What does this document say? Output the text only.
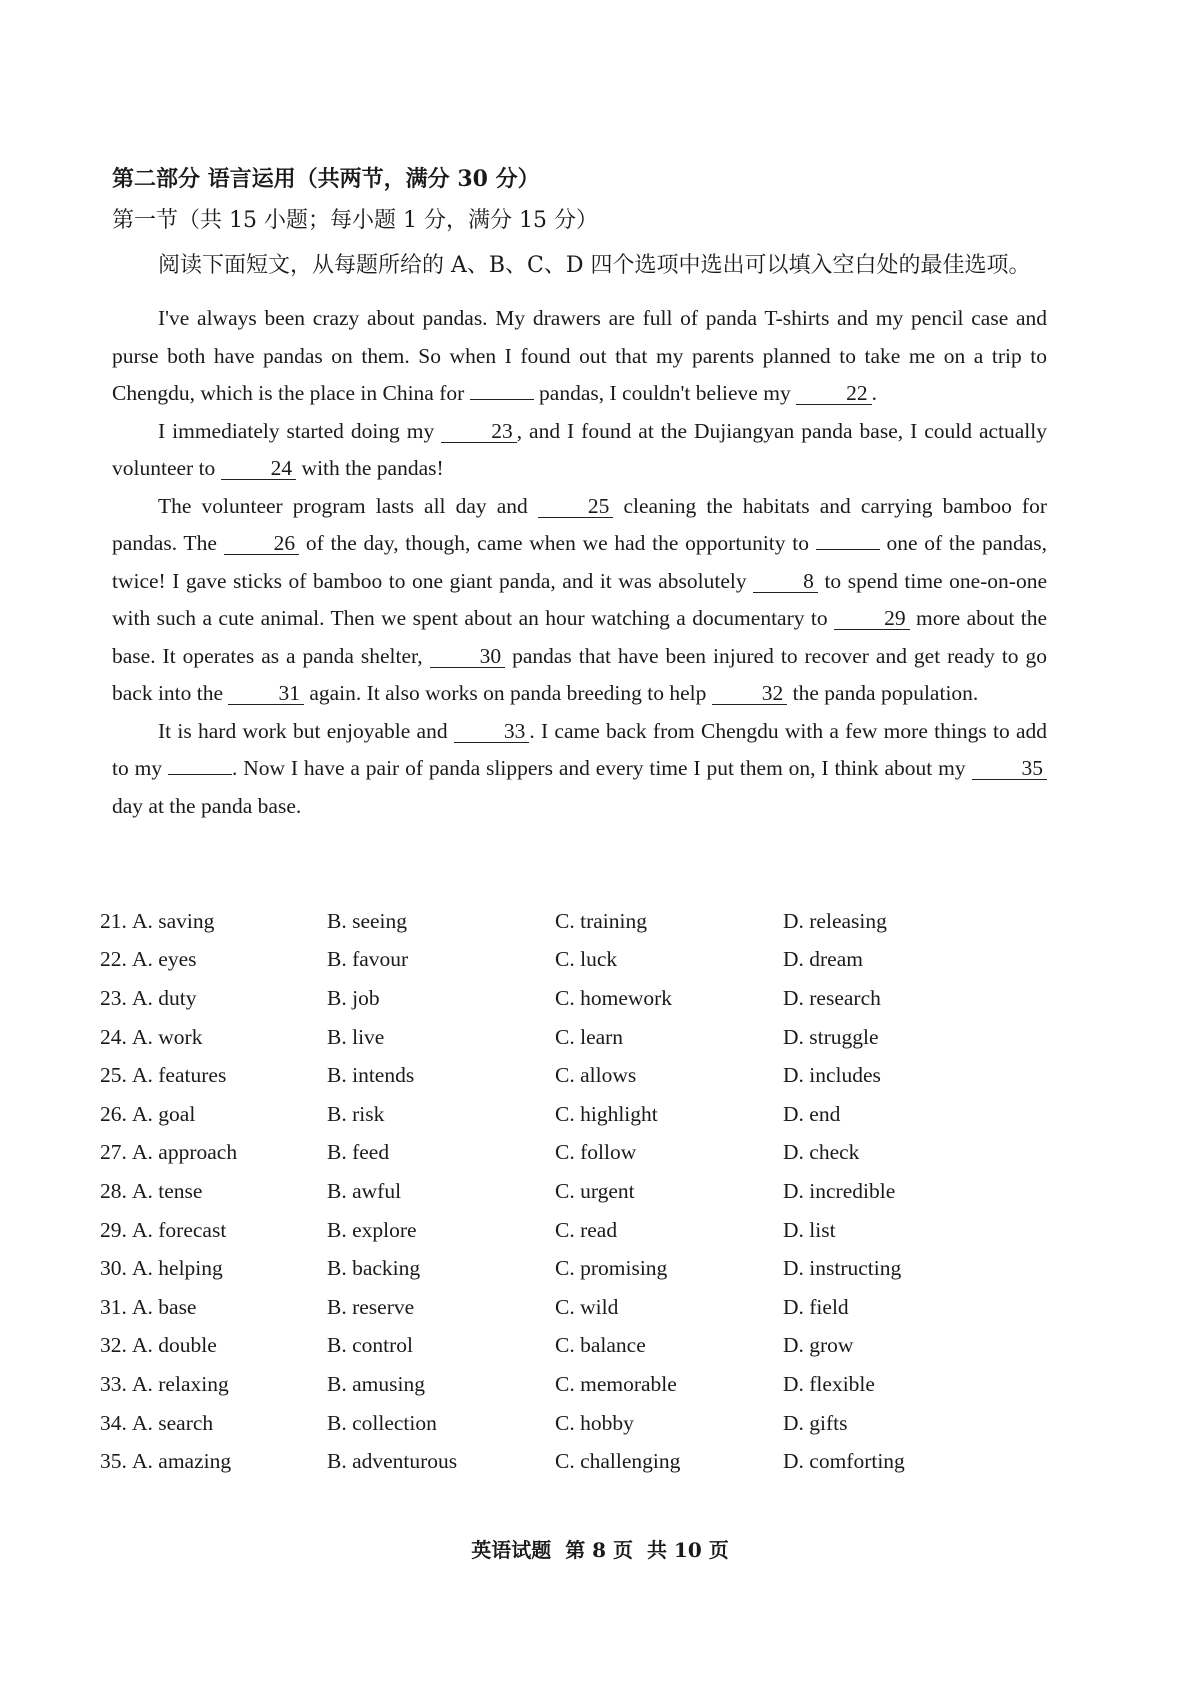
第二部分 语言运用（共两节，满分 30 分）
第一节（共 15 小题；每小题 1 分，满分 15 分）
阅读下面短文，从每题所给的 A、B、C、D 四个选项中选出可以填入空白处的最佳选项。

I've always been crazy about pandas. My drawers are full of panda T-shirts and my pencil case and purse both have pandas on them. So when I found out that my parents planned to take me on a trip to Chengdu, which is the place in China for	pandas, I couldn't believe my	22 .

I immediately started doing my	23 , and I found at the Dujiangyan panda base, I could actually volunteer to	24 with the pandas!

The volunteer program lasts all day and	25 cleaning the habitats and carrying bamboo for pandas. The	26 of the day, though, came when we had the opportunity to	one of the pandas, twice! I gave sticks of bamboo to one giant panda, and it was absolutely	8 to spend time one-on-one with such a cute animal. Then we spent about an hour watching a documentary to	29 more about the base. It operates as a panda shelter,	30 pandas that have been injured to recover and get ready to go back into the	31 again. It also works on panda breeding to help	32 the panda population.

It is hard work but enjoyable and	33 . I came back from Chengdu with a few more things to add to my	. Now I have a pair of panda slippers and every time I put them on, I think about my	35 day at the panda base.

21. A. saving	B. seeing	C. training	D. releasing
22. A. eyes	B. favour	C. luck	D. dream
23. A. duty	B. job	C. homework	D. research
24. A. work	B. live	C. learn	D. struggle
25. A. features	B. intends	C. allows	D. includes
26. A. goal	B. risk	C. highlight	D. end
27. A. approach	B. feed	C. follow	D. check
28. A. tense	B. awful	C. urgent	D. incredible
29. A. forecast	B. explore	C. read	D. list
30. A. helping	B. backing	C. promising	D. instructing
31. A. base	B. reserve	C. wild	D. field
32. A. double	B. control	C. balance	D. grow
33. A. relaxing	B. amusing	C. memorable	D. flexible
34. A. search	B. collection	C. hobby	D. gifts
35. A. amazing	B. adventurous	C. challenging	D. comforting
英语试题  第 8 页  共 10 页
